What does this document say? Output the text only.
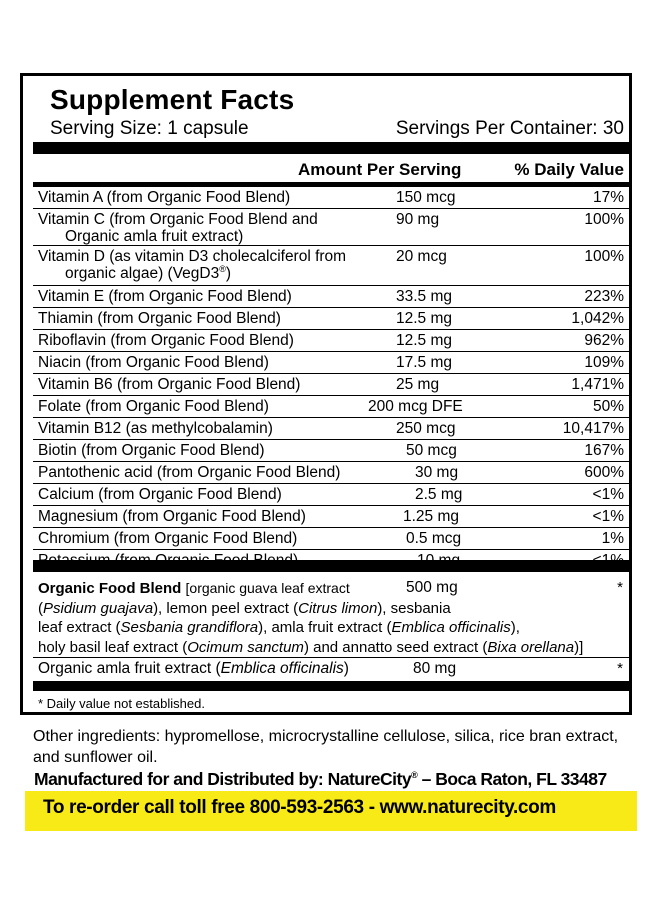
Supplement Facts
Serving Size: 1 capsule	Servings Per Container: 30
Amount Per Serving	% Daily Value
Vitamin A (from Organic Food Blend)	150 mcg	17%
Vitamin C (from Organic Food Blend and
Organic amla fruit extract)
90 mg	100%
Vitamin D (as vitamin D3 cholecalciferol from
organic algae) (VegD3®)
20 mcg	100%
Vitamin E (from Organic Food Blend)	33.5 mg	223%
Thiamin (from Organic Food Blend)	12.5 mg	1,042%
Riboflavin (from Organic Food Blend)	12.5 mg	962%
Niacin (from Organic Food Blend)	17.5 mg	109%
Vitamin B6 (from Organic Food Blend)	25 mg	1,471%
Folate (from Organic Food Blend)	200 mcg DFE	50%
Vitamin B12 (as methylcobalamin)	250 mcg	10,417%
Biotin (from Organic Food Blend)	50 mcg	167%
Pantothenic acid (from Organic Food Blend)	30 mg	600%
Calcium (from Organic Food Blend)	2.5 mg	<1%
Magnesium (from Organic Food Blend)	1.25 mg	<1%
Chromium (from Organic Food Blend)	0.5 mcg	1%
Organic Food Blend [organic guava leaf extract
(Psidium guajava), lemon peel extract (Citrus limon), sesbania
leaf extract (Sesbania grandiflora), amla fruit extract (Emblica officinalis),
holy basil leaf extract (Ocimum sanctum) and annatto seed extract (Bixa orellana)]
500 mg	*
Organic amla fruit extract (Emblica officinalis)	80 mg	*
* Daily value not established.
Other ingredients: hypromellose, microcrystalline cellulose, silica, rice bran extract, and sunflower oil.
Manufactured for and Distributed by: NatureCity® – Boca Raton, FL 33487
To re-order call toll free 800-593-2563 - www.naturecity.com
